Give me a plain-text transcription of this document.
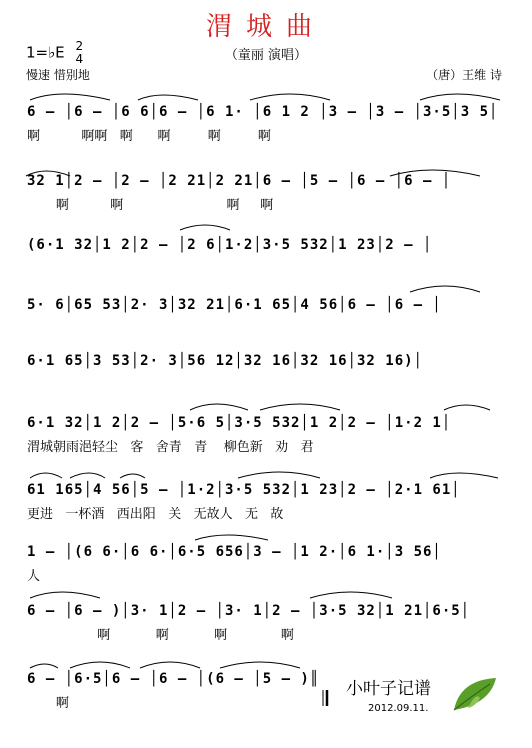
渭城曲
（童丽 演唱）
1=♭E 2
4
慢速 惜别地	（唐）王维 诗
6 – │6 – │6 6│6 – │6 1· │6 1 2 │3 – │3 – │3·5│3 5│
啊          啊啊   啊      啊         啊         啊
32 1│2 – │2 – │2 21│2 21│6 – │5 – │6 – │6 – │
啊          啊                         啊     啊
(6·1 32│1 2│2 – │2 6│1·2│3·5 532│1 23│2 – │
5· 6│65 53│2· 3│32 21│6·1 65│4 56│6 – │6 – │
6·1 65│3 53│2· 3│56 12│32 16│32 16│32 16)│
6·1 32│1 2│2 – │5·6 5│3·5 532│1 2│2 – │1·2 1│
渭城朝雨浥轻尘   客   舍青   青    柳色新   劝   君
61 165│4 56│5 – │1·2│3·5 532│1 23│2 – │2·1 61│
更进   一杯酒   西出阳   关   无故人   无   故
1 – │(6 6·│6 6·│6·5 656│3 – │1 2·│6 1·│3 56│
人
6 – │6 – )│3· 1│2 – │3· 1│2 – │3·5 32│1 21│6·5│
啊           啊           啊             啊
6 – │6·5│6 – │6 – │(6 – │5 – )║
啊
小叶子记谱
2012.09.11.
